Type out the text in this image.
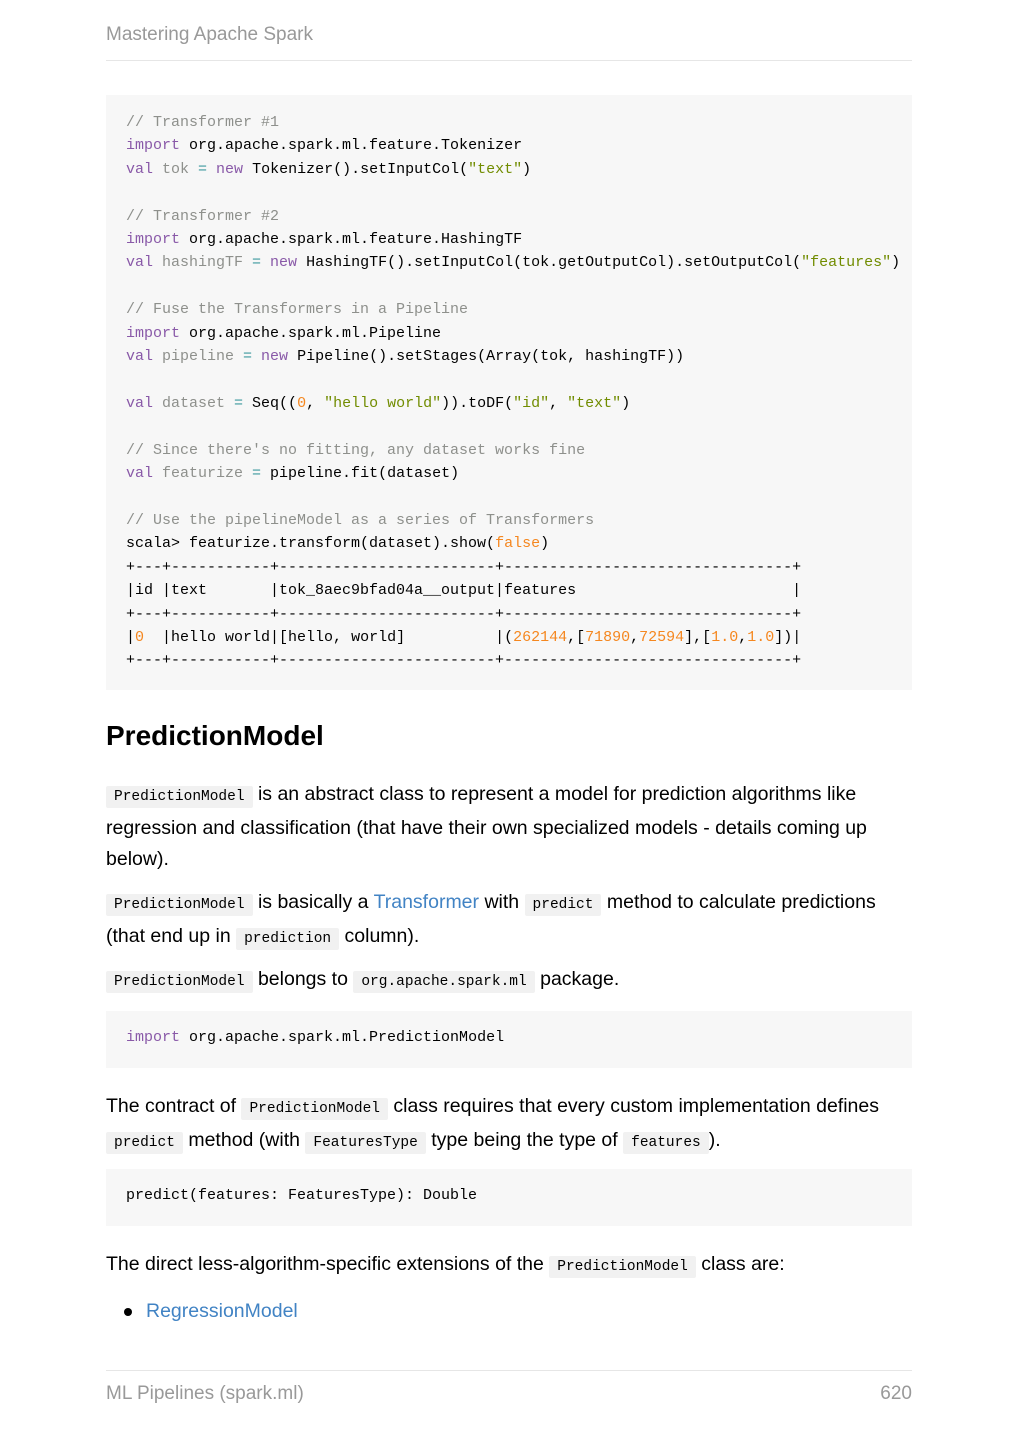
Mastering Apache Spark
// Transformer #1
import org.apache.spark.ml.feature.Tokenizer
val tok = new Tokenizer().setInputCol("text")

// Transformer #2
import org.apache.spark.ml.feature.HashingTF
val hashingTF = new HashingTF().setInputCol(tok.getOutputCol).setOutputCol("features")

// Fuse the Transformers in a Pipeline
import org.apache.spark.ml.Pipeline
val pipeline = new Pipeline().setStages(Array(tok, hashingTF))

val dataset = Seq((0, "hello world")).toDF("id", "text")

// Since there's no fitting, any dataset works fine
val featurize = pipeline.fit(dataset)

// Use the pipelineModel as a series of Transformers
scala> featurize.transform(dataset).show(false)
+---+-----------+------------------------+--------------------------------+
|id |text       |tok_8aec9bfad04a__output|features                        |
+---+-----------+------------------------+--------------------------------+
|0  |hello world|[hello, world]          |(262144,[71890,72594],[1.0,1.0])|
+---+-----------+------------------------+--------------------------------+
PredictionModel

PredictionModel is an abstract class to represent a model for prediction algorithms like regression and classification (that have their own specialized models - details coming up below).

PredictionModel is basically a Transformer with predict method to calculate predictions (that end up in prediction column).

PredictionModel belongs to org.apache.spark.ml package.

import org.apache.spark.ml.PredictionModel

The contract of PredictionModel class requires that every custom implementation defines predict method (with FeaturesType type being the type of features ).

predict(features: FeaturesType): Double

The direct less-algorithm-specific extensions of the PredictionModel class are:

RegressionModel
ML Pipelines (spark.ml)	620
